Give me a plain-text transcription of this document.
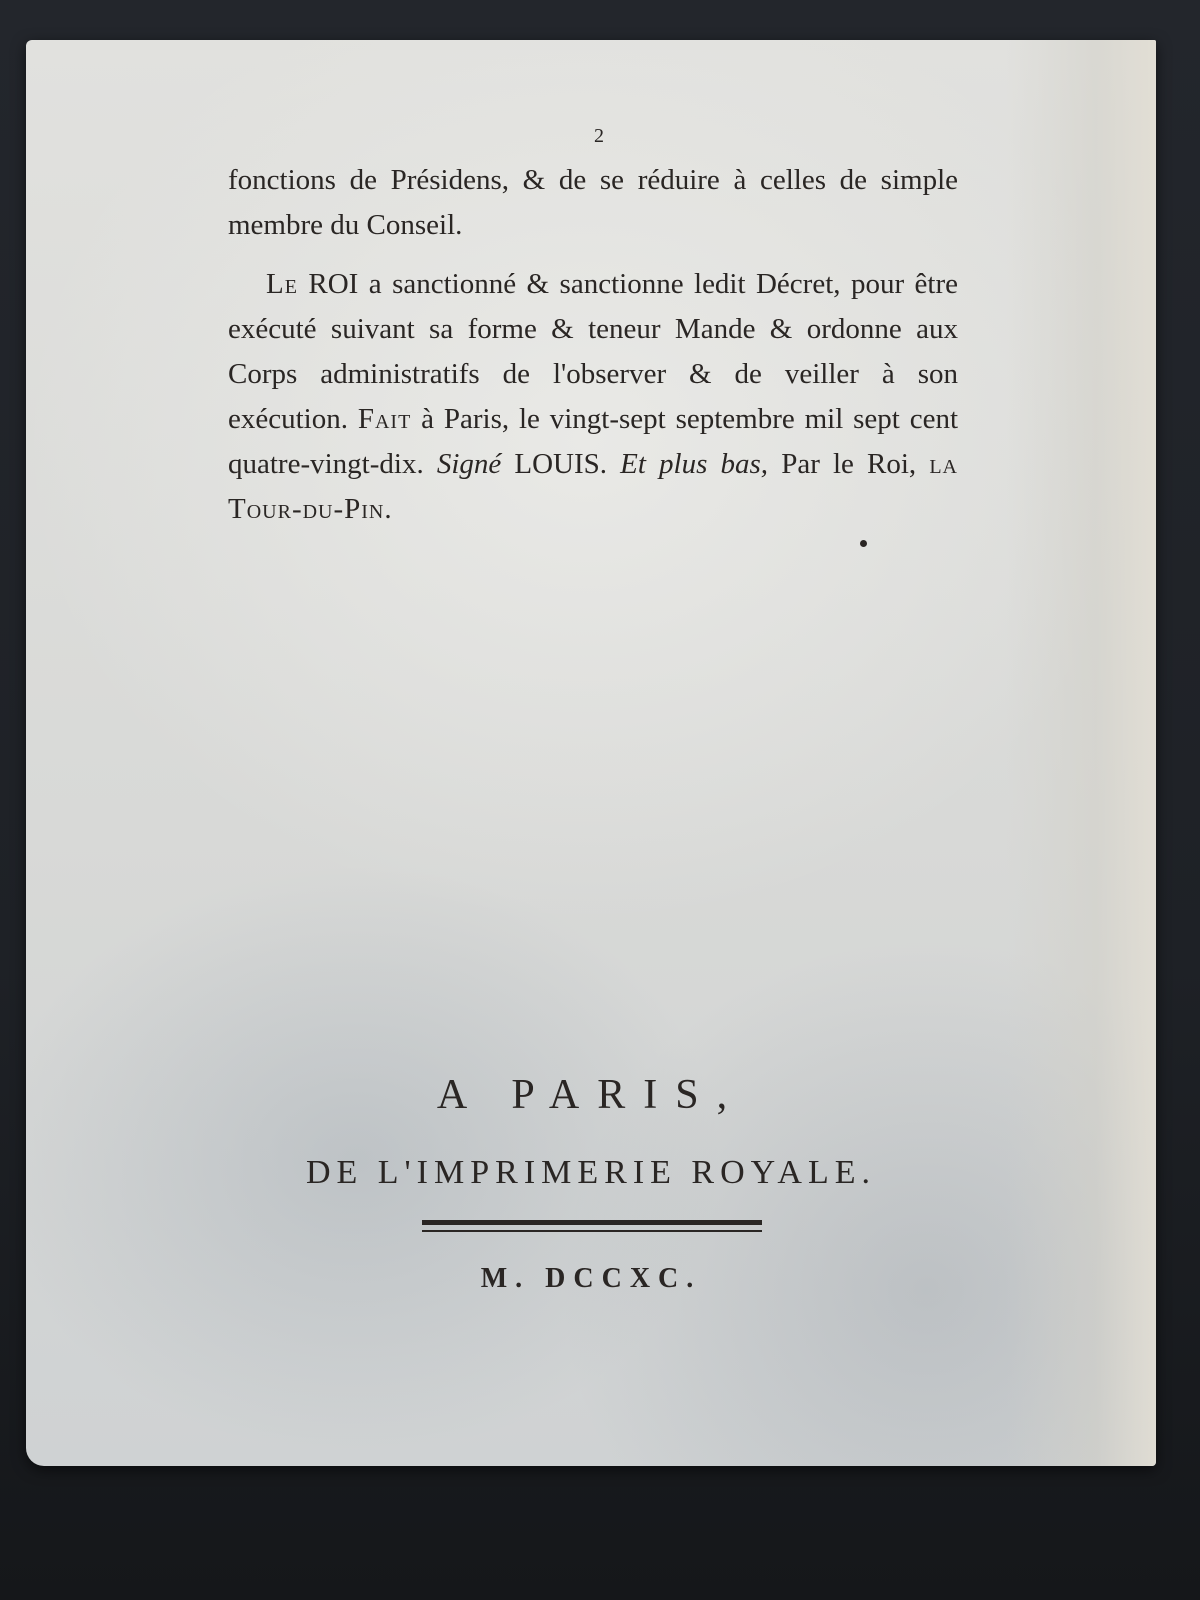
2

fonctions de Présidens, & de se réduire à celles de simple membre du Conseil.

Le ROI a sanctionné & sanctionne ledit Décret, pour être exécuté suivant sa forme & teneur Mande & ordonne aux Corps administratifs de l'observer & de veiller à son exécution. Fait à Paris, le vingt-sept septembre mil sept cent quatre-vingt-dix. Signé LOUIS. Et plus bas, Par le Roi, la Tour-du-Pin.

A PARIS,
DE L'IMPRIMERIE ROYALE.
M. DCCXC.
